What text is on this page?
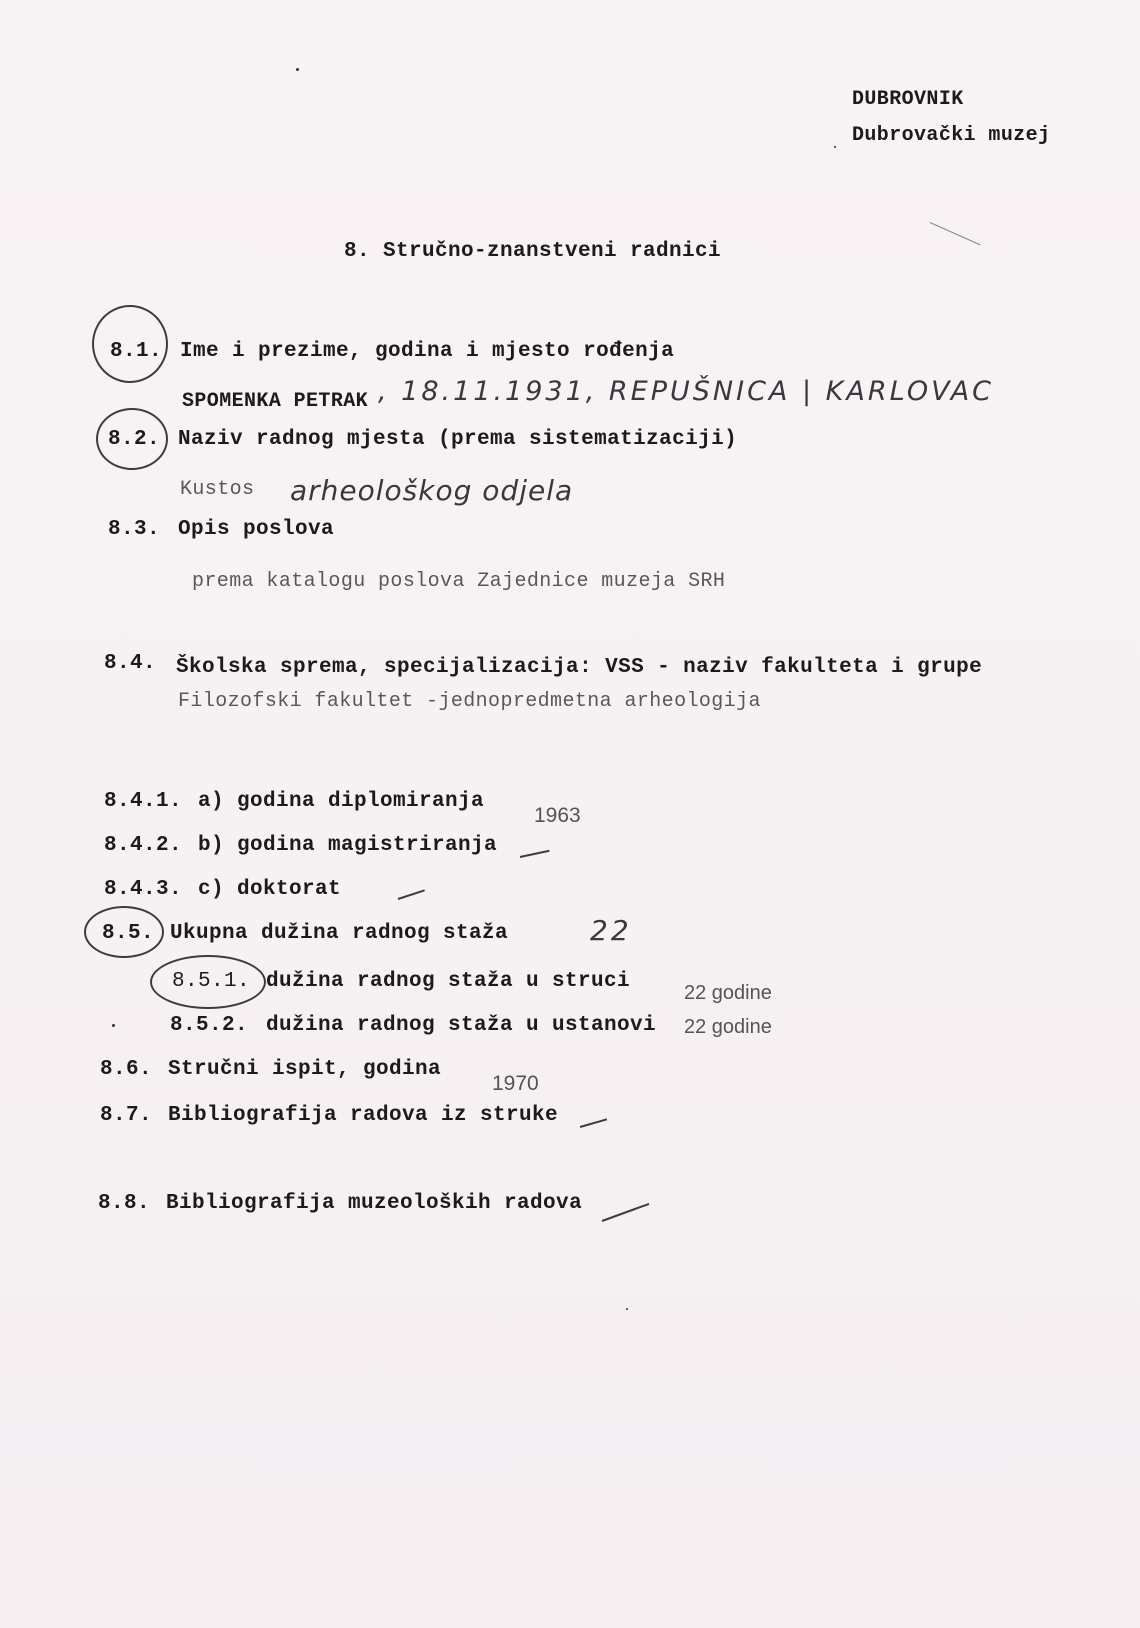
DUBROVNIK
Dubrovački muzej
8. Stručno-znanstveni radnici
8.1. Ime i prezime, godina i mjesto rođenja
SPOMENKA PETRAK , 18.11.1931, REPUŠNICA | KARLOVAC
8.2. Naziv radnog mjesta (prema sistematizaciji)
Kustos arheološkog odjela
8.3. Opis poslova
prema katalogu poslova Zajednice muzeja SRH
8.4. Školska sprema, specijalizacija: VSS - naziv fakulteta i grupe
Filozofski fakultet -jednopredmetna arheologija
8.4.1. a) godina diplomiranja
1963
8.4.2. b) godina magistriranja
8.4.3. c) doktorat
8.5. Ukupna dužina radnog staža	22
8.5.1. dužina radnog staža u struci	22 godine
8.5.2. dužina radnog staža u ustanovi 22 godine
8.6. Stručni ispit, godina
1970
8.7. Bibliografija radova iz struke
8.8. Bibliografija muzeoloških radova
